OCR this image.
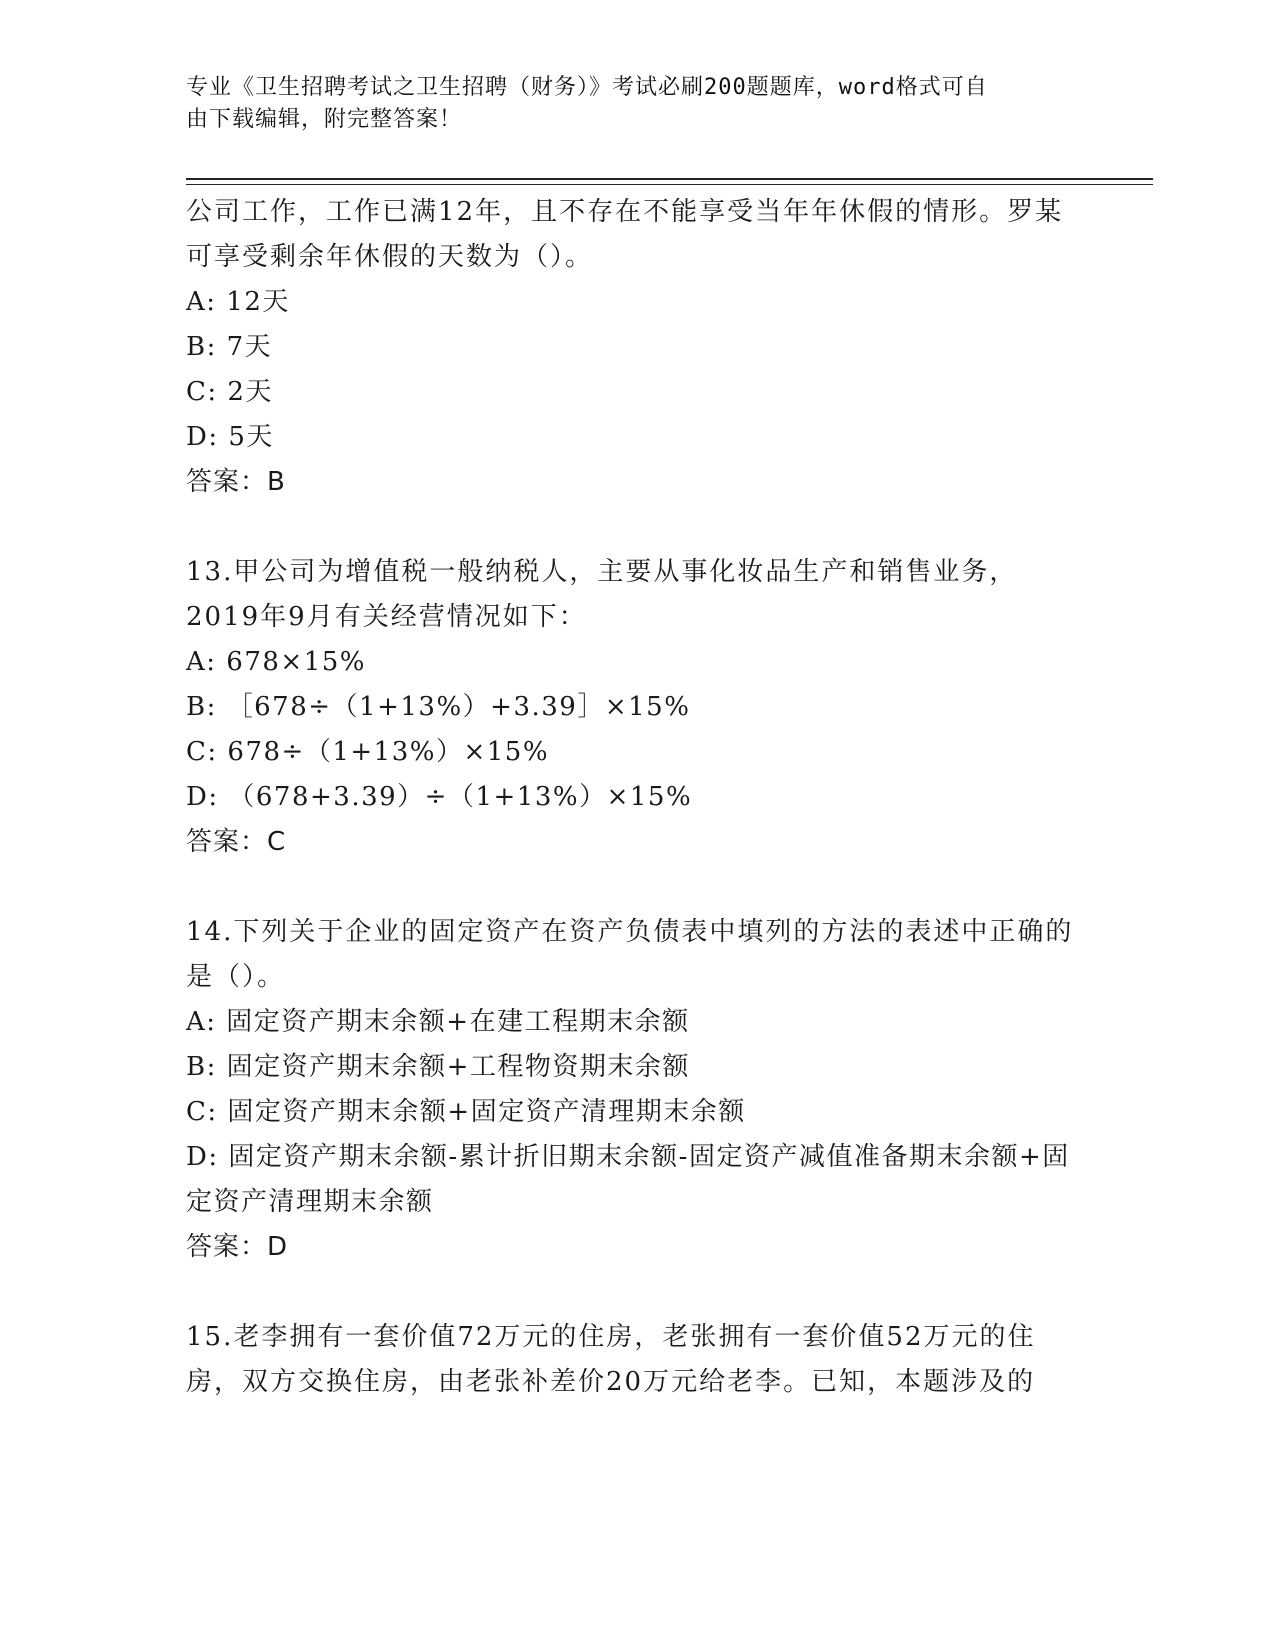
专业《卫生招聘考试之卫生招聘（财务）》考试必刷200题题库，word格式可自
由下载编辑，附完整答案！

公司工作，工作已满12年，且不存在不能享受当年年休假的情形。罗某可享受剩余年休假的天数为（）。

A: 12天

B: 7天

C: 2天

D: 5天

答案：B

13.甲公司为增值税一般纳税人，主要从事化妆品生产和销售业务，2019年9月有关经营情况如下：

A: 678×15%

B: ［678÷（1+13%）+3.39］×15%

C: 678÷（1+13%）×15%

D: （678+3.39）÷（1+13%）×15%

答案：C

14.下列关于企业的固定资产在资产负债表中填列的方法的表述中正确的是（）。

A: 固定资产期末余额+在建工程期末余额

B: 固定资产期末余额+工程物资期末余额

C: 固定资产期末余额+固定资产清理期末余额

D: 固定资产期末余额-累计折旧期末余额-固定资产减值准备期末余额+固定资产清理期末余额

答案：D

15.老李拥有一套价值72万元的住房，老张拥有一套价值52万元的住房，双方交换住房，由老张补差价20万元给老李。已知，本题涉及的
